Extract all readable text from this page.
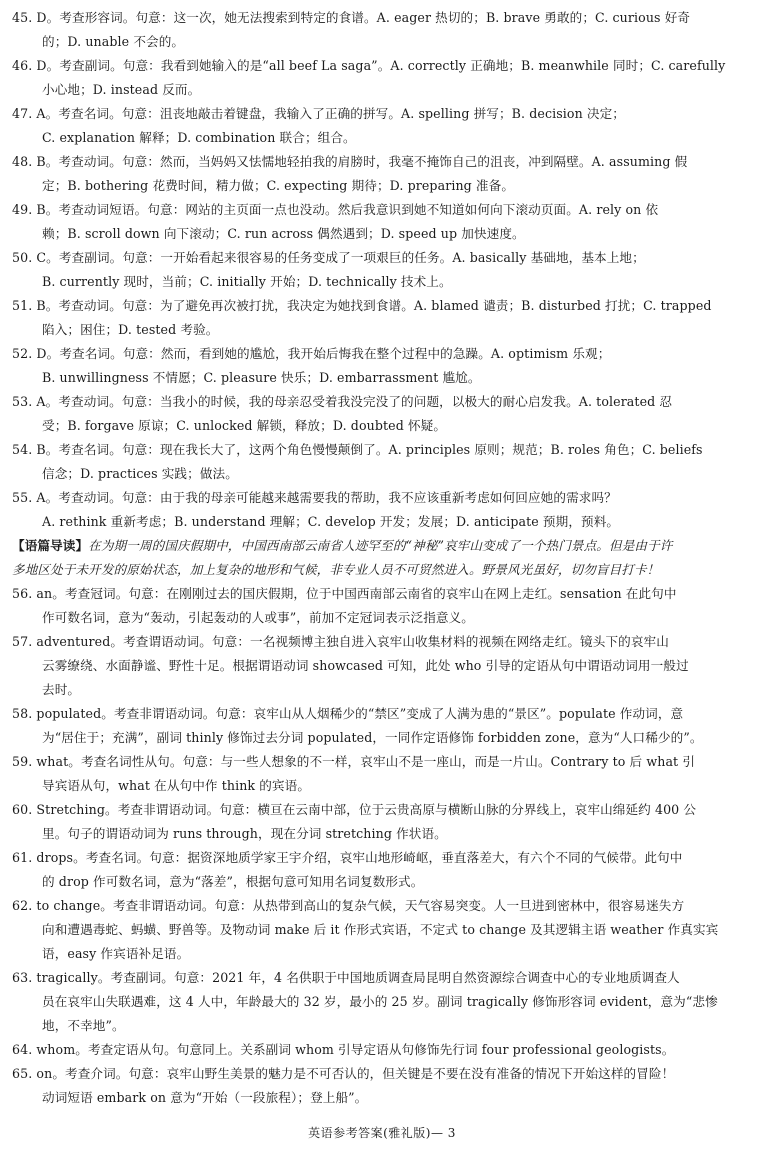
45. D。考查形容词。句意：这一次，她无法搜索到特定的食谱。A. eager 热切的；B. brave 勇敢的；C. curious 好奇
的；D. unable 不会的。
46. D。考查副词。句意：我看到她输入的是“all beef La saga”。A. correctly 正确地；B. meanwhile 同时；C. carefully
小心地；D. instead 反而。
47. A。考查名词。句意：沮丧地敲击着键盘，我输入了正确的拼写。A. spelling 拼写；B. decision 决定；
C. explanation 解释；D. combination 联合；组合。
48. B。考查动词。句意：然而，当妈妈又怯懦地轻拍我的肩膀时，我毫不掩饰自己的沮丧，冲到隔壁。A. assuming 假
定；B. bothering 花费时间，精力做；C. expecting 期待；D. preparing 准备。
49. B。考查动词短语。句意：网站的主页面一点也没动。然后我意识到她不知道如何向下滚动页面。A. rely on 依
赖；B. scroll down 向下滚动；C. run across 偶然遇到；D. speed up 加快速度。
50. C。考查副词。句意：一开始看起来很容易的任务变成了一项艰巨的任务。A. basically 基础地，基本上地；
B. currently 现时，当前；C. initially 开始；D. technically 技术上。
51. B。考查动词。句意：为了避免再次被打扰，我决定为她找到食谱。A. blamed 谴责；B. disturbed 打扰；C. trapped
陷入；困住；D. tested 考验。
52. D。考查名词。句意：然而，看到她的尴尬，我开始后悔我在整个过程中的急躁。A. optimism 乐观；
B. unwillingness 不情愿；C. pleasure 快乐；D. embarrassment 尴尬。
53. A。考查动词。句意：当我小的时候，我的母亲忍受着我没完没了的问题，以极大的耐心启发我。A. tolerated 忍
受；B. forgave 原谅；C. unlocked 解锁，释放；D. doubted 怀疑。
54. B。考查名词。句意：现在我长大了，这两个角色慢慢颠倒了。A. principles 原则；规范；B. roles 角色；C. beliefs
信念；D. practices 实践；做法。
55. A。考查动词。句意：由于我的母亲可能越来越需要我的帮助，我不应该重新考虑如何回应她的需求吗？
A. rethink 重新考虑；B. understand 理解；C. develop 开发；发展；D. anticipate 预期，预料。
【语篇导读】在为期一周的国庆假期中，中国西南部云南省人迹罕至的“神秘”哀牢山变成了一个热门景点。但是由于许
多地区处于未开发的原始状态，加上复杂的地形和气候，非专业人员不可贸然进入。野景风光虽好，切勿盲目打卡！
56. an。考查冠词。句意：在刚刚过去的国庆假期，位于中国西南部云南省的哀牢山在网上走红。sensation 在此句中
作可数名词，意为“轰动，引起轰动的人或事”，前加不定冠词表示泛指意义。
57. adventured。考查谓语动词。句意：一名视频博主独自进入哀牢山收集材料的视频在网络走红。镜头下的哀牢山
云雾缭绕、水面静谧、野性十足。根据谓语动词 showcased 可知，此处 who 引导的定语从句中谓语动词用一般过
去时。
58. populated。考查非谓语动词。句意：哀牢山从人烟稀少的“禁区”变成了人满为患的“景区”。populate 作动词，意
为“居住于；充满”，副词 thinly 修饰过去分词 populated，一同作定语修饰 forbidden zone，意为“人口稀少的”。
59. what。考查名词性从句。句意：与一些人想象的不一样，哀牢山不是一座山，而是一片山。Contrary to 后 what 引
导宾语从句，what 在从句中作 think 的宾语。
60. Stretching。考查非谓语动词。句意：横亘在云南中部，位于云贵高原与横断山脉的分界线上，哀牢山绵延约 400 公
里。句子的谓语动词为 runs through，现在分词 stretching 作状语。
61. drops。考查名词。句意：据资深地质学家王宇介绍，哀牢山地形崎岖，垂直落差大，有六个不同的气候带。此句中
的 drop 作可数名词，意为“落差”，根据句意可知用名词复数形式。
62. to change。考查非谓语动词。句意：从热带到高山的复杂气候，天气容易突变。人一旦进到密林中，很容易迷失方
向和遭遇毒蛇、蚂蟥、野兽等。及物动词 make 后 it 作形式宾语，不定式 to change 及其逻辑主语 weather 作真实宾
语，easy 作宾语补足语。
63. tragically。考查副词。句意：2021 年，4 名供职于中国地质调查局昆明自然资源综合调查中心的专业地质调查人
员在哀牢山失联遇难，这 4 人中，年龄最大的 32 岁，最小的 25 岁。副词 tragically 修饰形容词 evident，意为“悲惨
地，不幸地”。
64. whom。考查定语从句。句意同上。关系副词 whom 引导定语从句修饰先行词 four professional geologists。
65. on。考查介词。句意：哀牢山野生美景的魅力是不可否认的，但关键是不要在没有准备的情况下开始这样的冒险！
动词短语 embark on 意为“开始（一段旅程）；登上船”。
英语参考答案(雅礼版)— 3
